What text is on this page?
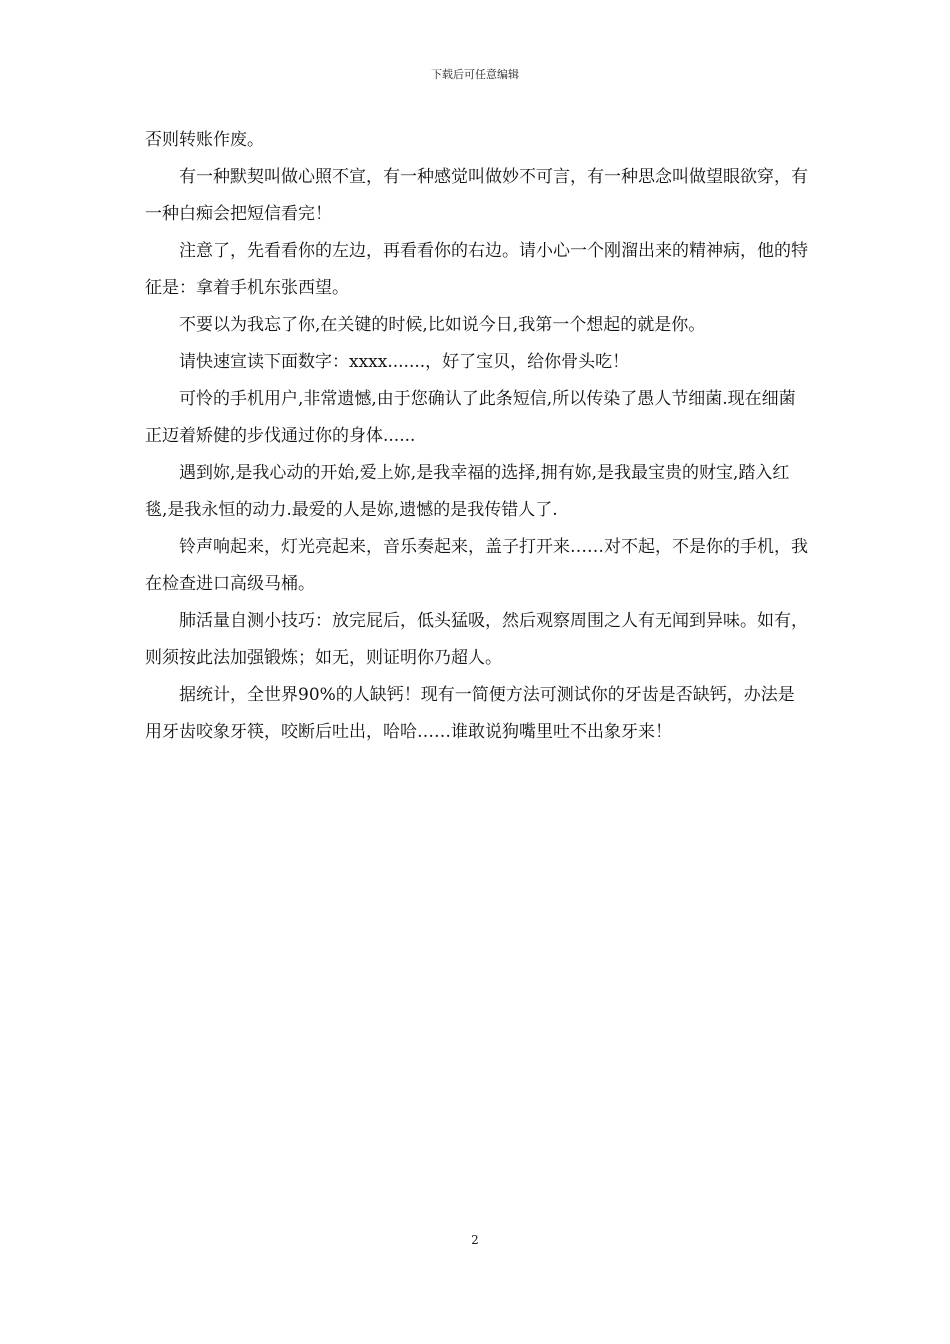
下载后可任意编辑

否则转账作废。

有一种默契叫做心照不宣，有一种感觉叫做妙不可言，有一种思念叫做望眼欲穿，有一种白痴会把短信看完！

注意了，先看看你的左边，再看看你的右边。请小心一个刚溜出来的精神病，他的特征是：拿着手机东张西望。

不要以为我忘了你,在关键的时候,比如说今日,我第一个想起的就是你。

请快速宣读下面数字：xxxx.......，好了宝贝，给你骨头吃！

可怜的手机用户,非常遗憾,由于您确认了此条短信,所以传染了愚人节细菌.现在细菌正迈着矫健的步伐通过你的身体......

遇到妳,是我心动的开始,爱上妳,是我幸福的选择,拥有妳,是我最宝贵的财宝,踏入红毯,是我永恒的动力.最爱的人是妳,遗憾的是我传错人了.

铃声响起来，灯光亮起来，音乐奏起来，盖子打开来……对不起，不是你的手机，我在检查进口高级马桶。

肺活量自测小技巧：放完屁后，低头猛吸，然后观察周围之人有无闻到异味。如有，则须按此法加强锻炼；如无，则证明你乃超人。

据统计，全世界90%的人缺钙！现有一简便方法可测试你的牙齿是否缺钙，办法是用牙齿咬象牙筷，咬断后吐出，哈哈……谁敢说狗嘴里吐不出象牙来！

2
